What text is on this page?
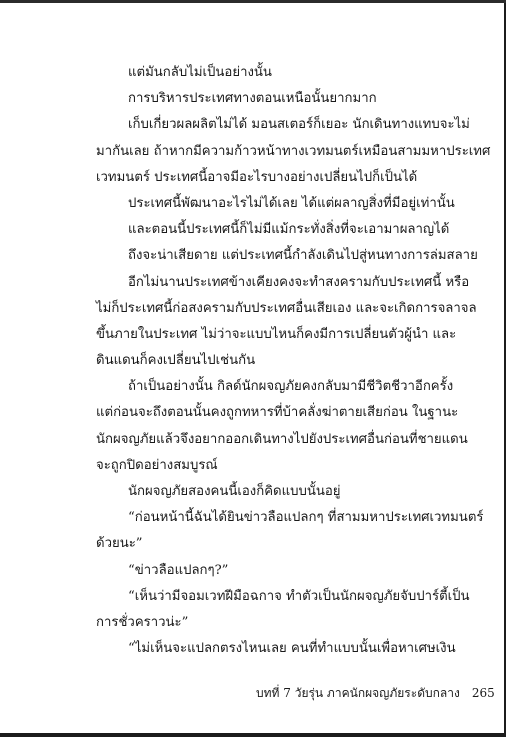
แต่มันกลับไม่เป็นอย่างนั้น
การบริหารประเทศทางตอนเหนือนั้นยากมาก
เก็บเกี่ยวผลผลิตไม่ได้ มอนสเตอร์ก็เยอะ นักเดินทางแทบจะไม่
มากันเลย ถ้าหากมีความก้าวหน้าทางเวทมนตร์เหมือนสามมหาประเทศ
เวทมนตร์ ประเทศนี้อาจมีอะไรบางอย่างเปลี่ยนไปก็เป็นได้
ประเทศนี้พัฒนาอะไรไม่ได้เลย ได้แต่ผลาญสิ่งที่มีอยู่เท่านั้น
และตอนนี้ประเทศนี้ก็ไม่มีแม้กระทั่งสิ่งที่จะเอามาผลาญได้
ถึงจะน่าเสียดาย แต่ประเทศนี้กำลังเดินไปสู่หนทางการล่มสลาย
อีกไม่นานประเทศข้างเคียงคงจะทำสงครามกับประเทศนี้ หรือ
ไม่ก็ประเทศนี้ก่อสงครามกับประเทศอื่นเสียเอง และจะเกิดการจลาจล
ขึ้นภายในประเทศ ไม่ว่าจะแบบไหนก็คงมีการเปลี่ยนตัวผู้นำ และ
ดินแดนก็คงเปลี่ยนไปเช่นกัน
ถ้าเป็นอย่างนั้น กิลด์นักผจญภัยคงกลับมามีชีวิตชีวาอีกครั้ง
แต่ก่อนจะถึงตอนนั้นคงถูกทหารที่บ้าคลั่งฆ่าตายเสียก่อน ในฐานะ
นักผจญภัยแล้วจึงอยากออกเดินทางไปยังประเทศอื่นก่อนที่ชายแดน
จะถูกปิดอย่างสมบูรณ์
นักผจญภัยสองคนนี้เองก็คิดแบบนั้นอยู่
“ก่อนหน้านี้ฉันได้ยินข่าวลือแปลกๆ ที่สามมหาประเทศเวทมนตร์
ด้วยนะ”
“ข่าวลือแปลกๆ?”
“เห็นว่ามีจอมเวทฝีมือฉกาจ ทำตัวเป็นนักผจญภัยจับปาร์ตี้เป็น
การชั่วคราวน่ะ”
“ไม่เห็นจะแปลกตรงไหนเลย คนที่ทำแบบนั้นเพื่อหาเศษเงิน
บทที่ 7 วัยรุ่น ภาคนักผจญภัยระดับกลาง 265
